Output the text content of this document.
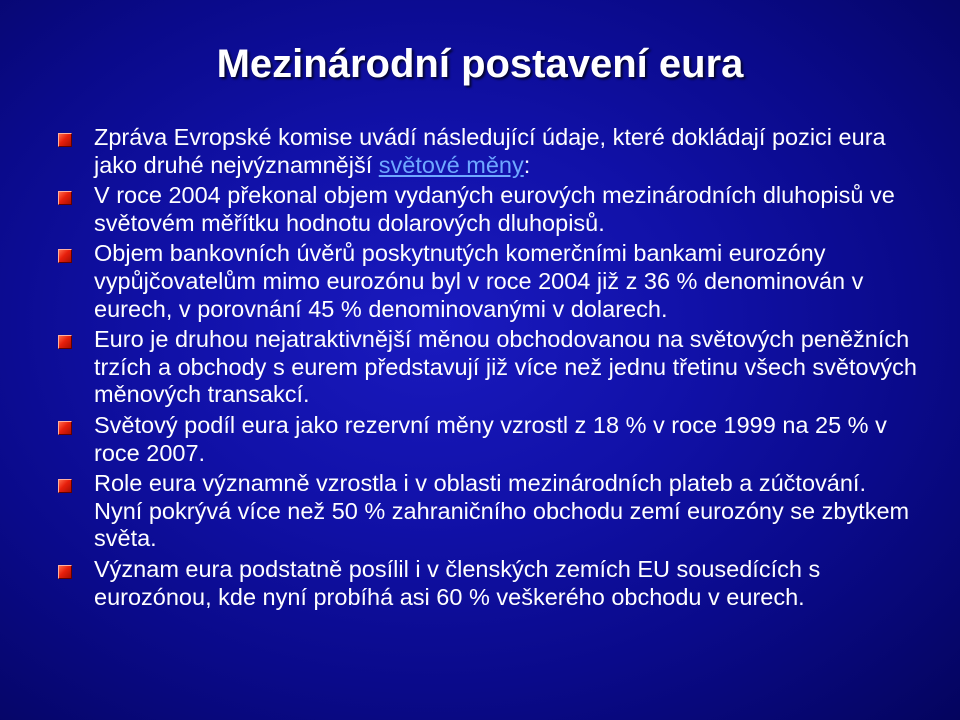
Mezinárodní postavení eura
Zpráva Evropské komise uvádí následující údaje, které dokládají pozici eura jako druhé nejvýznamnější světové měny:
V roce 2004 překonal objem vydaných eurových mezinárodních dluhopisů ve světovém měřítku hodnotu dolarových dluhopisů.
Objem bankovních úvěrů poskytnutých komerčními bankami eurozóny vypůjčovatelům mimo eurozónu byl v roce 2004 již z 36 % denominován v eurech, v porovnání 45 % denominovanými v dolarech.
Euro je druhou nejatraktivnější měnou obchodovanou na světových peněžních trzích a obchody s eurem představují již více než jednu třetinu všech světových měnových transakcí.
Světový podíl eura jako rezervní měny vzrostl z 18 % v roce 1999 na 25 % v roce 2007.
Role eura významně vzrostla i v oblasti mezinárodních plateb a zúčtování. Nyní pokrývá více než 50 % zahraničního obchodu zemí eurozóny se zbytkem světa.
Význam eura podstatně posílil i v členských zemích EU sousedících s eurozónou, kde nyní probíhá asi 60 % veškerého obchodu v eurech.
